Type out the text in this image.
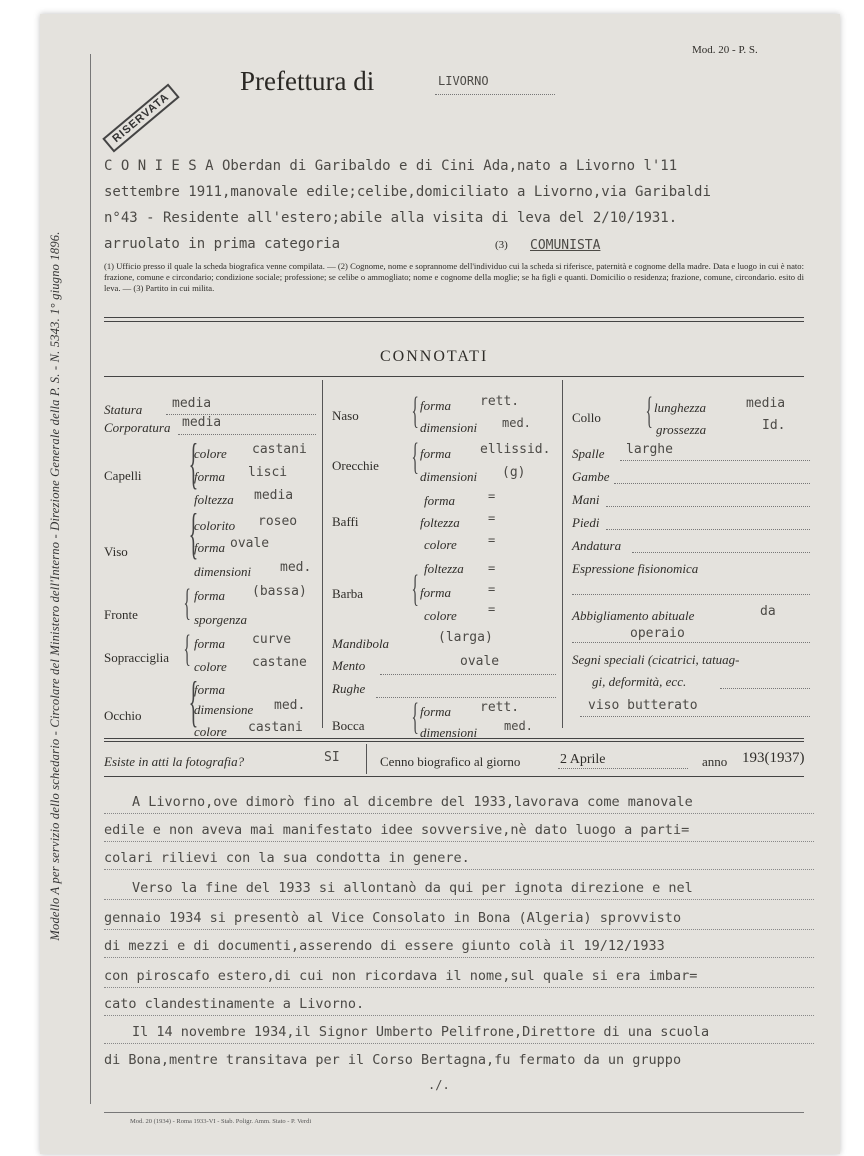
Modello A per servizio dello schedario - Circolare del Ministero dell'Interno - Direzione Generale della P. S. - N. 5343. 1° giugno 1896.
Mod. 20 - P. S.
RISERVATA
Prefettura di	LIVORNO
C O N I E S A Oberdan di Garibaldo e di Cini Ada,nato a Livorno l'11
settembre 1911,manovale edile;celibe,domiciliato a Livorno,via Garibaldi
n°43 - Residente all'estero;abile alla visita di leva del 2/10/1931.
arruolato in prima categoria	(3) COMUNISTA
(1) Ufficio presso il quale la scheda biografica venne compilata. — (2) Cognome, nome e soprannome dell'individuo cui la scheda si riferisce, paternità e cognome della madre. Data e luogo in cui è nato: frazione, comune e circondario; condizione sociale; professione; se celibe o ammogliato; nome e cognome della moglie; se ha figli e quanti. Domicilio o residenza; frazione, comune, circondario. esito di leva. — (3) Partito in cui milita.
CONNOTATI
Statura media
Corporatura media
Capelli {
colore castani
forma lisci
foltezza media
Viso {
colorito roseo
forma ovale
dimensioni med.
Fronte { forma (bassa)
sporgenza
Sopracciglia { forma curve
colore castane
Occhio {
forma
dimensione med.
colore castani
Naso { forma rett.
dimensioni med.
Orecchie { forma ellissid.
dimensioni (g)
Baffi
forma	=
foltezza =
colore	=
Barba
foltezza =
{ forma	=
colore	=
Mandibola	(larga)
Mento	ovale
Rughe
Bocca { forma rett.
dimensioni med.
Collo { lunghezza	media
grossezza	Id.
Spalle larghe
Gambe
Mani
Piedi
Andatura
Espressione fisionomica
Abbigliamento abituale	da
operaio
Segni speciali (cicatrici, tatuag-
gi, deformità, ecc.
viso butterato
Esiste in atti la fotografia?	SI	Cenno biografico al giorno	2 Aprile	anno 193(1937)
A Livorno,ove dimorò fino al dicembre del 1933,lavorava come manovale
edile e non aveva mai manifestato idee sovversive,nè dato luogo a parti=
colari rilievi con la sua condotta in genere.
Verso la fine del 1933 si allontanò da qui per ignota direzione e nel
gennaio 1934 si presentò al Vice Consolato in Bona (Algeria) sprovvisto
di mezzi e di documenti,asserendo di essere giunto colà il 19/12/1933
con piroscafo estero,di cui non ricordava il nome,sul quale si era imbar=
cato clandestinamente a Livorno.
Il 14 novembre 1934,il Signor Umberto Pelifrone,Direttore di una scuola
di Bona,mentre transitava per il Corso Bertagna,fu fermato da un gruppo
./.
Mod. 20 (1934) - Roma 1933-VI - Stab. Poligr. Amm. Stato - P. Verdi
